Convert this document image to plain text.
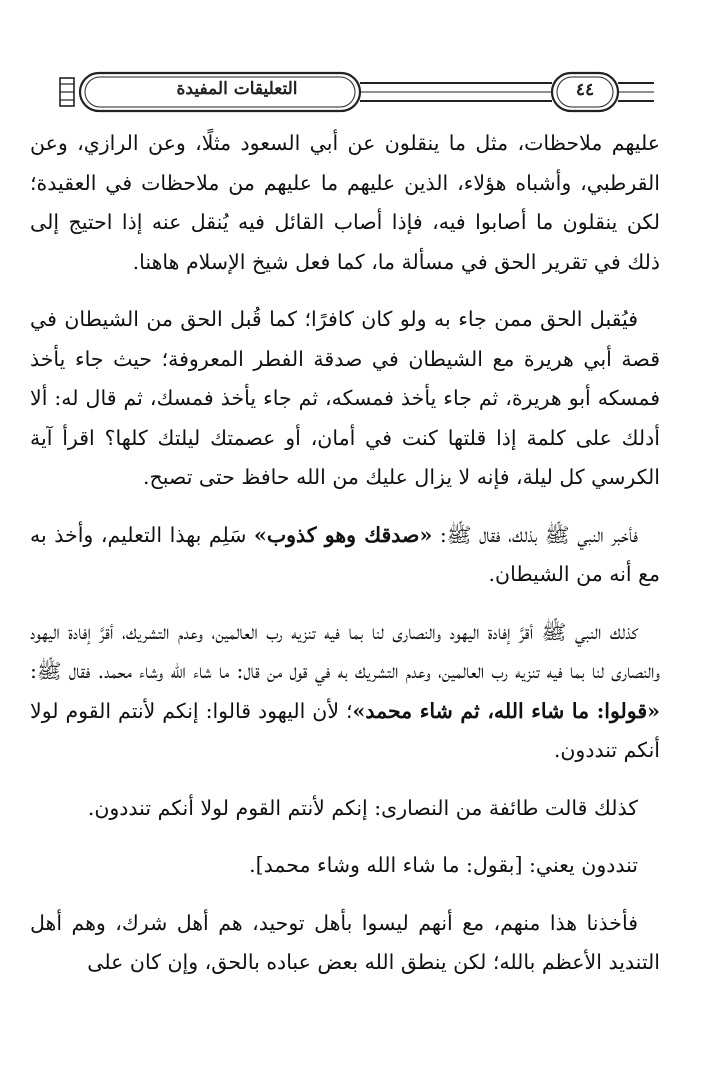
التعليقات المفيدة	٤٤

عليهم ملاحظات، مثل ما ينقلون عن أبي السعود مثلًا، وعن الرازي، وعن القرطبي، وأشباه هؤلاء، الذين عليهم ما عليهم من ملاحظات في العقيدة؛ لكن ينقلون ما أصابوا فيه، فإذا أصاب القائل فيه يُنقل عنه إذا احتيج إلى ذلك في تقرير الحق في مسألة ما، كما فعل شيخ الإسلام هاهنا.

فيُقبل الحق ممن جاء به ولو كان كافرًا؛ كما قُبل الحق من الشيطان في قصة أبي هريرة مع الشيطان في صدقة الفطر المعروفة؛ حيث جاء يأخذ فمسكه أبو هريرة، ثم جاء يأخذ فمسكه، ثم جاء يأخذ فمسك، ثم قال له: ألا أدلك على كلمة إذا قلتها كنت في أمان، أو عصمتك ليلتك كلها؟ اقرأ آية الكرسي كل ليلة، فإنه لا يزال عليك من الله حافظ حتى تصبح.

فأخبر النبي ﷺ بذلك، فقال ﷺ: «صدقك وهو كذوب» سَلِم بهذا التعليم، وأخذ به مع أنه من الشيطان.

كذلك النبي ﷺ أقرَّ إفادة اليهود والنصارى لنا بما فيه تنزيه رب العالمين، وعدم التشريك، أقرَّ إفادة اليهود والنصارى لنا بما فيه تنزيه رب العالمين، وعدم التشريك به في قول من قال: ما شاء الله وشاء محمد. فقال ﷺ: «قولوا: ما شاء الله، ثم شاء محمد»؛ لأن اليهود قالوا: إنكم لأنتم القوم لولا أنكم تنددون.

كذلك قالت طائفة من النصارى: إنكم لأنتم القوم لولا أنكم تنددون.

تنددون يعني: [بقول: ما شاء الله وشاء محمد].

فأخذنا هذا منهم، مع أنهم ليسوا بأهل توحيد، هم أهل شرك، وهم أهل التنديد الأعظم بالله؛ لكن ينطق الله بعض عباده بالحق، وإن كان على
